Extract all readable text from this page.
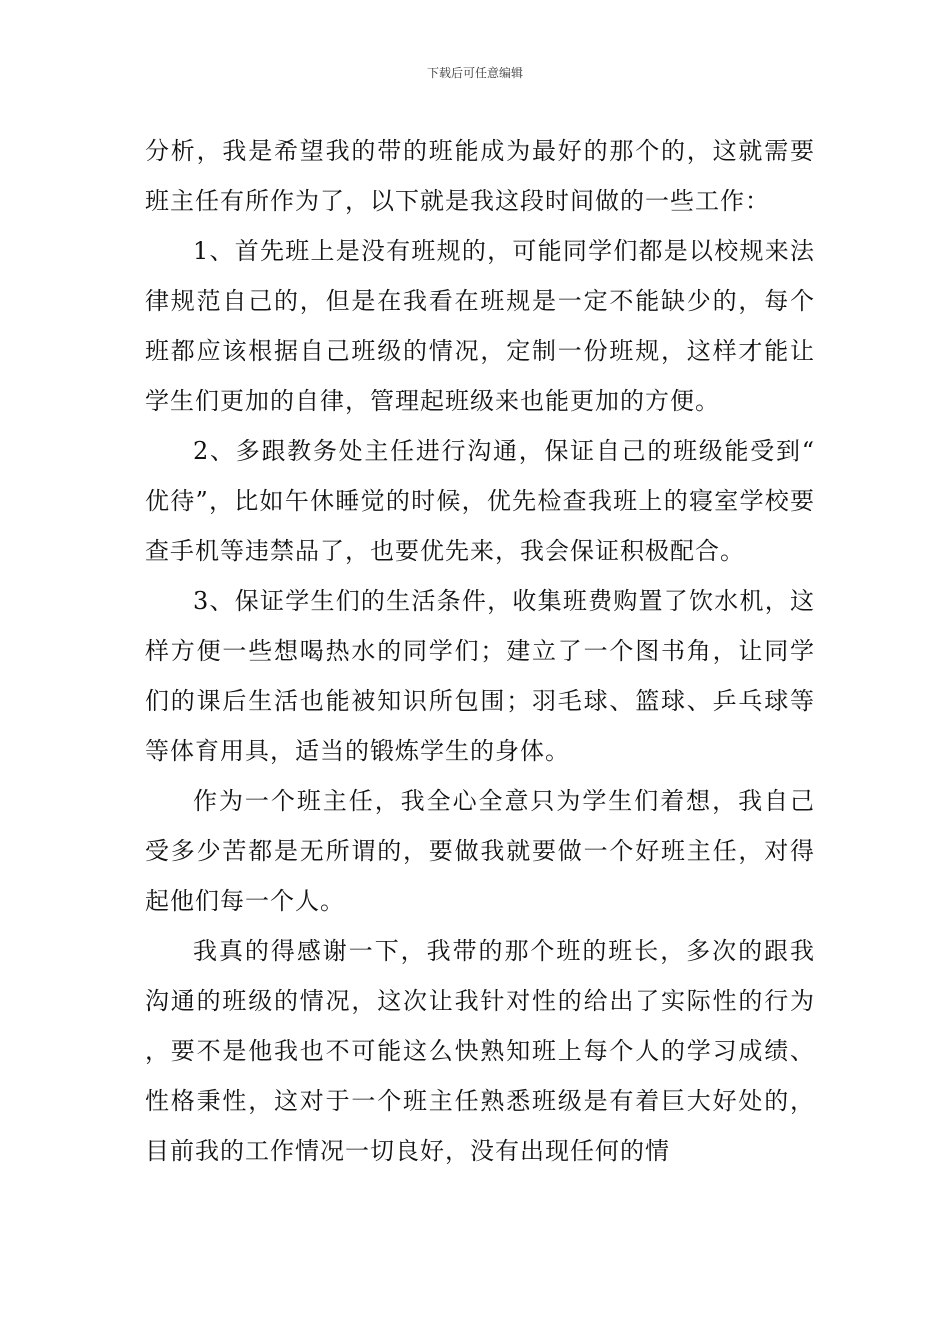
下载后可任意编辑

分析，我是希望我的带的班能成为最好的那个的，这就需要班主任有所作为了，以下就是我这段时间做的一些工作：

1、首先班上是没有班规的，可能同学们都是以校规来法律规范自己的，但是在我看在班规是一定不能缺少的，每个班都应该根据自己班级的情况，定制一份班规，这样才能让学生们更加的自律，管理起班级来也能更加的方便。

2、多跟教务处主任进行沟通，保证自己的班级能受到“优待”，比如午休睡觉的时候，优先检查我班上的寝室学校要查手机等违禁品了，也要优先来，我会保证积极配合。

3、保证学生们的生活条件，收集班费购置了饮水机，这样方便一些想喝热水的同学们；建立了一个图书角，让同学们的课后生活也能被知识所包围；羽毛球、篮球、乒乓球等等体育用具，适当的锻炼学生的身体。

作为一个班主任，我全心全意只为学生们着想，我自己受多少苦都是无所谓的，要做我就要做一个好班主任，对得起他们每一个人。

我真的得感谢一下，我带的那个班的班长，多次的跟我沟通的班级的情况，这次让我针对性的给出了实际性的行为，要不是他我也不可能这么快熟知班上每个人的学习成绩、性格秉性，这对于一个班主任熟悉班级是有着巨大好处的，目前我的工作情况一切良好，没有出现任何的情
